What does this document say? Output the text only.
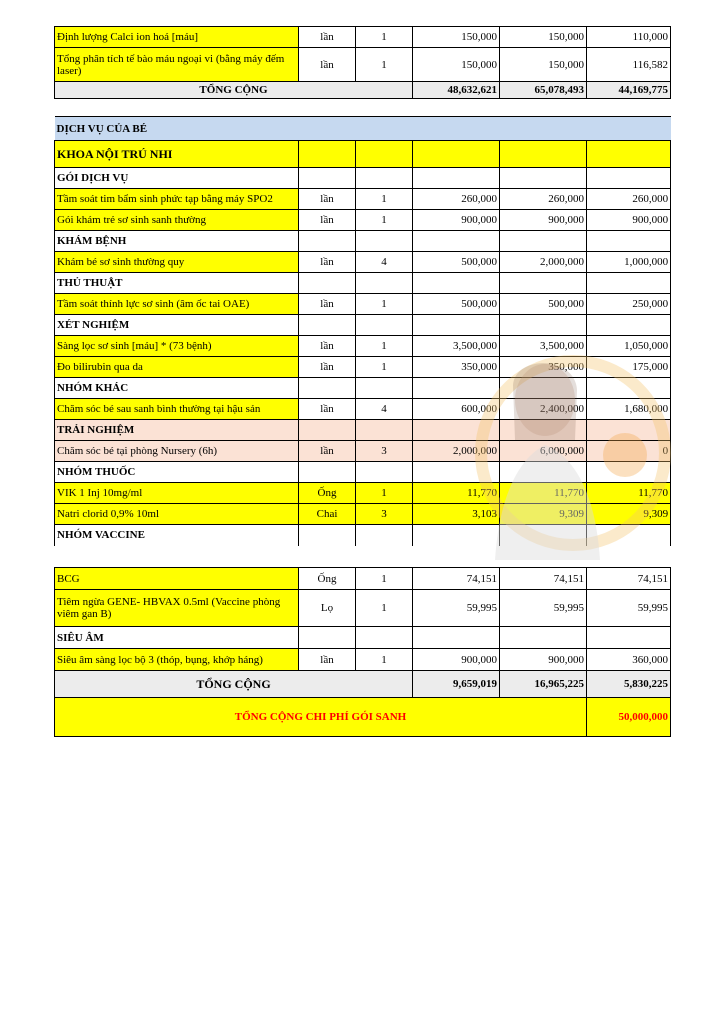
Định lượng Calci ion hoá [máu]	lần	1	150,000	150,000	110,000
Tổng phân tích tế bào máu ngoại vi (bằng máy đếm laser)	lần	1	150,000	150,000	116,582
TỔNG CỘNG			48,632,621	65,078,493	44,169,775
DỊCH VỤ CỦA BÉ					
KHOA NỘI TRÚ NHI					
GÓI DỊCH VỤ					
Tầm soát tim bẩm sinh phức tạp bằng máy SPO2	lần	1	260,000	260,000	260,000
Gói khám trẻ sơ sinh sanh thường	lần	1	900,000	900,000	900,000
KHÁM BỆNH					
Khám bé sơ sinh thường quy	lần	4	500,000	2,000,000	1,000,000
THỦ THUẬT					
Tầm soát thính lực sơ sinh (âm ốc tai OAE)	lần	1	500,000	500,000	250,000
XÉT NGHIỆM					
Sàng lọc sơ sinh [máu] * (73 bệnh)	lần	1	3,500,000	3,500,000	1,050,000
Đo bilirubin qua da	lần	1	350,000	350,000	175,000
NHÓM KHÁC					
Chăm sóc bé sau sanh bình thường tại hậu sản	lần	4	600,000	2,400,000	1,680,000
TRẢI NGHIỆM					
Chăm sóc bé tại phòng Nursery (6h)	lần	3	2,000,000	6,000,000	0
NHÓM THUỐC					
VIK 1 Inj 10mg/ml	Ống	1	11,770	11,770	11,770
Natri clorid 0,9% 10ml	Chai	3	3,103	9,309	9,309
NHÓM VACCINE					
BCG	Ống	1	74,151	74,151	74,151
Tiêm ngừa GENE- HBVAX 0.5ml (Vaccine phòng viêm gan B)	Lọ	1	59,995	59,995	59,995
SIÊU ÂM					
Siêu âm sàng lọc bộ 3 (thóp, bụng, khớp háng)	lần	1	900,000	900,000	360,000
TỔNG CỘNG			9,659,019	16,965,225	5,830,225
TỔNG CỘNG CHI PHÍ GÓI SANH					50,000,000
